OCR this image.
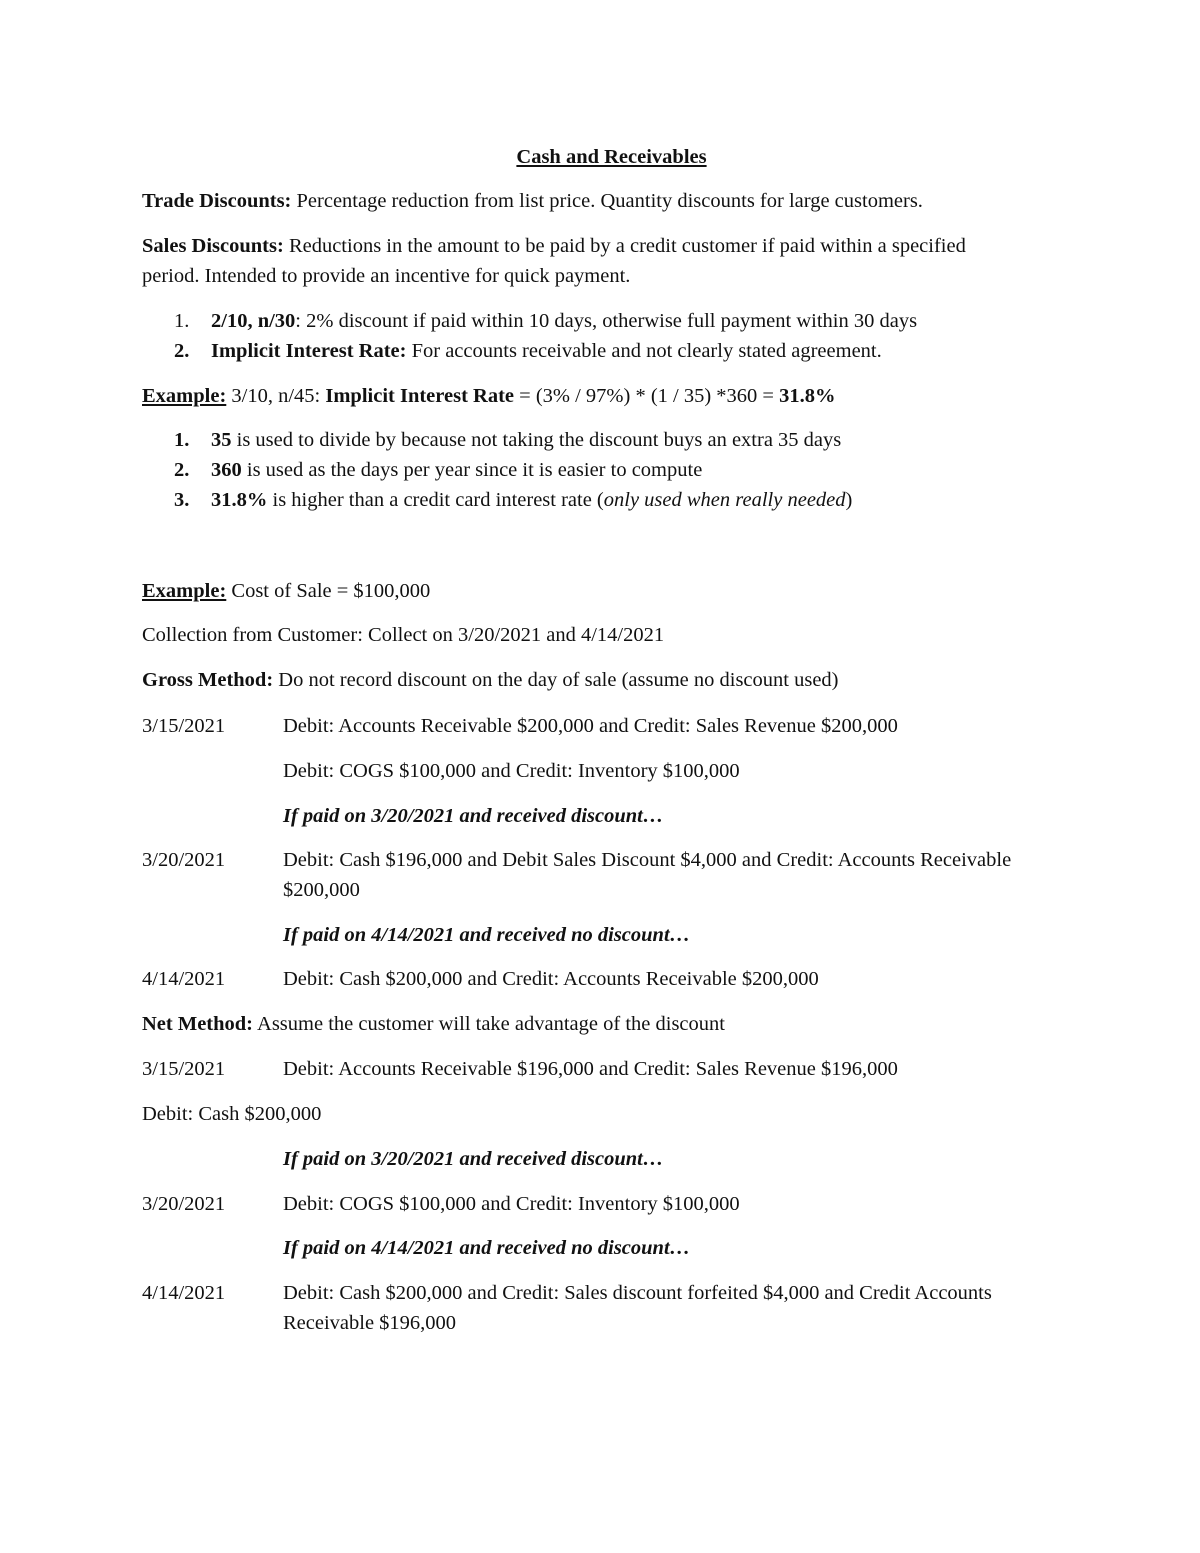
Cash and Receivables

Trade Discounts: Percentage reduction from list price. Quantity discounts for large customers.

Sales Discounts: Reductions in the amount to be paid by a credit customer if paid within a specified period. Intended to provide an incentive for quick payment.

1.	2/10, n/30: 2% discount if paid within 10 days, otherwise full payment within 30 days

2.	Implicit Interest Rate: For accounts receivable and not clearly stated agreement.

Example: 3/10, n/45: Implicit Interest Rate = (3% / 97%) * (1 / 35) *360 = 31.8%

1.	35 is used to divide by because not taking the discount buys an extra 35 days

2.	360 is used as the days per year since it is easier to compute

3.	31.8% is higher than a credit card interest rate (only used when really needed)

Example: Cost of Sale = $100,000

Collection from Customer: Collect on 3/20/2021 and 4/14/2021

Gross Method: Do not record discount on the day of sale (assume no discount used)

3/15/2021	Debit: Accounts Receivable $200,000 and Credit: Sales Revenue $200,000

Debit: COGS $100,000 and Credit: Inventory $100,000

If paid on 3/20/2021 and received discount…

3/20/2021	Debit: Cash $196,000 and Debit Sales Discount $4,000 and Credit: Accounts Receivable $200,000

If paid on 4/14/2021 and received no discount…

4/14/2021	Debit: Cash $200,000 and Credit: Accounts Receivable $200,000

Net Method: Assume the customer will take advantage of the discount

3/15/2021	Debit: Accounts Receivable $196,000 and Credit: Sales Revenue $196,000

Debit: Cash $200,000

If paid on 3/20/2021 and received discount…

3/20/2021	Debit: COGS $100,000 and Credit: Inventory $100,000

If paid on 4/14/2021 and received no discount…

4/14/2021	Debit: Cash $200,000 and Credit: Sales discount forfeited $4,000 and Credit Accounts Receivable $196,000
